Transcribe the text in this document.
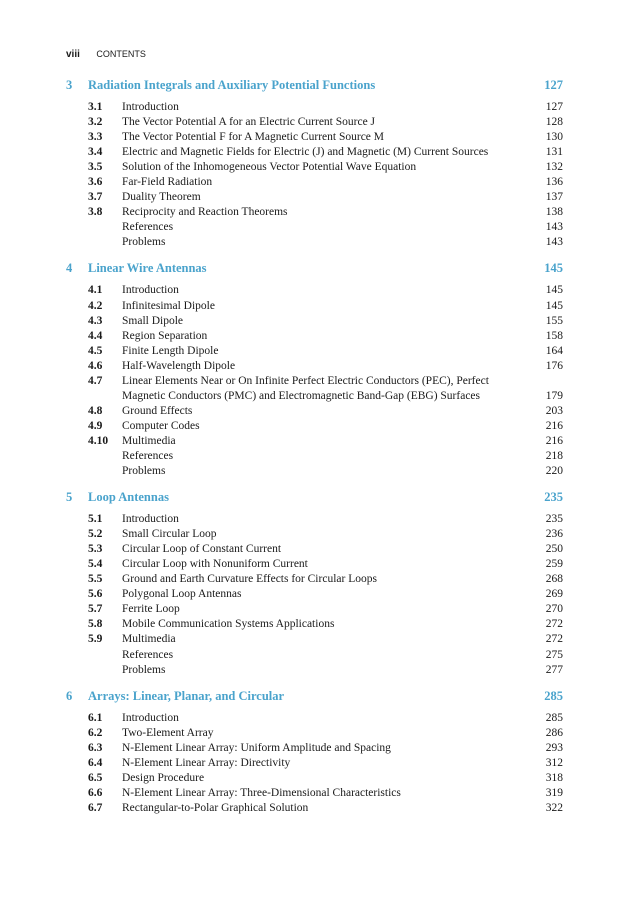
viii CONTENTS
3	Radiation Integrals and Auxiliary Potential Functions	127
3.1	Introduction	127
3.2	The Vector Potential A for an Electric Current Source J	128
3.3	The Vector Potential F for A Magnetic Current Source M	130
3.4	Electric and Magnetic Fields for Electric (J) and Magnetic (M) Current Sources	131
3.5	Solution of the Inhomogeneous Vector Potential Wave Equation	132
3.6	Far-Field Radiation	136
3.7	Duality Theorem	137
3.8	Reciprocity and Reaction Theorems	138
References	143
Problems	143
4	Linear Wire Antennas	145
4.1	Introduction	145
4.2	Infinitesimal Dipole	145
4.3	Small Dipole	155
4.4	Region Separation	158
4.5	Finite Length Dipole	164
4.6	Half-Wavelength Dipole	176
4.7	Linear Elements Near or On Infinite Perfect Electric Conductors (PEC), Perfect Magnetic Conductors (PMC) and Electromagnetic Band-Gap (EBG) Surfaces	179
4.8	Ground Effects	203
4.9	Computer Codes	216
4.10	Multimedia	216
References	218
Problems	220
5	Loop Antennas	235
5.1	Introduction	235
5.2	Small Circular Loop	236
5.3	Circular Loop of Constant Current	250
5.4	Circular Loop with Nonuniform Current	259
5.5	Ground and Earth Curvature Effects for Circular Loops	268
5.6	Polygonal Loop Antennas	269
5.7	Ferrite Loop	270
5.8	Mobile Communication Systems Applications	272
5.9	Multimedia	272
References	275
Problems	277
6	Arrays: Linear, Planar, and Circular	285
6.1	Introduction	285
6.2	Two-Element Array	286
6.3	N-Element Linear Array: Uniform Amplitude and Spacing	293
6.4	N-Element Linear Array: Directivity	312
6.5	Design Procedure	318
6.6	N-Element Linear Array: Three-Dimensional Characteristics	319
6.7	Rectangular-to-Polar Graphical Solution	322
